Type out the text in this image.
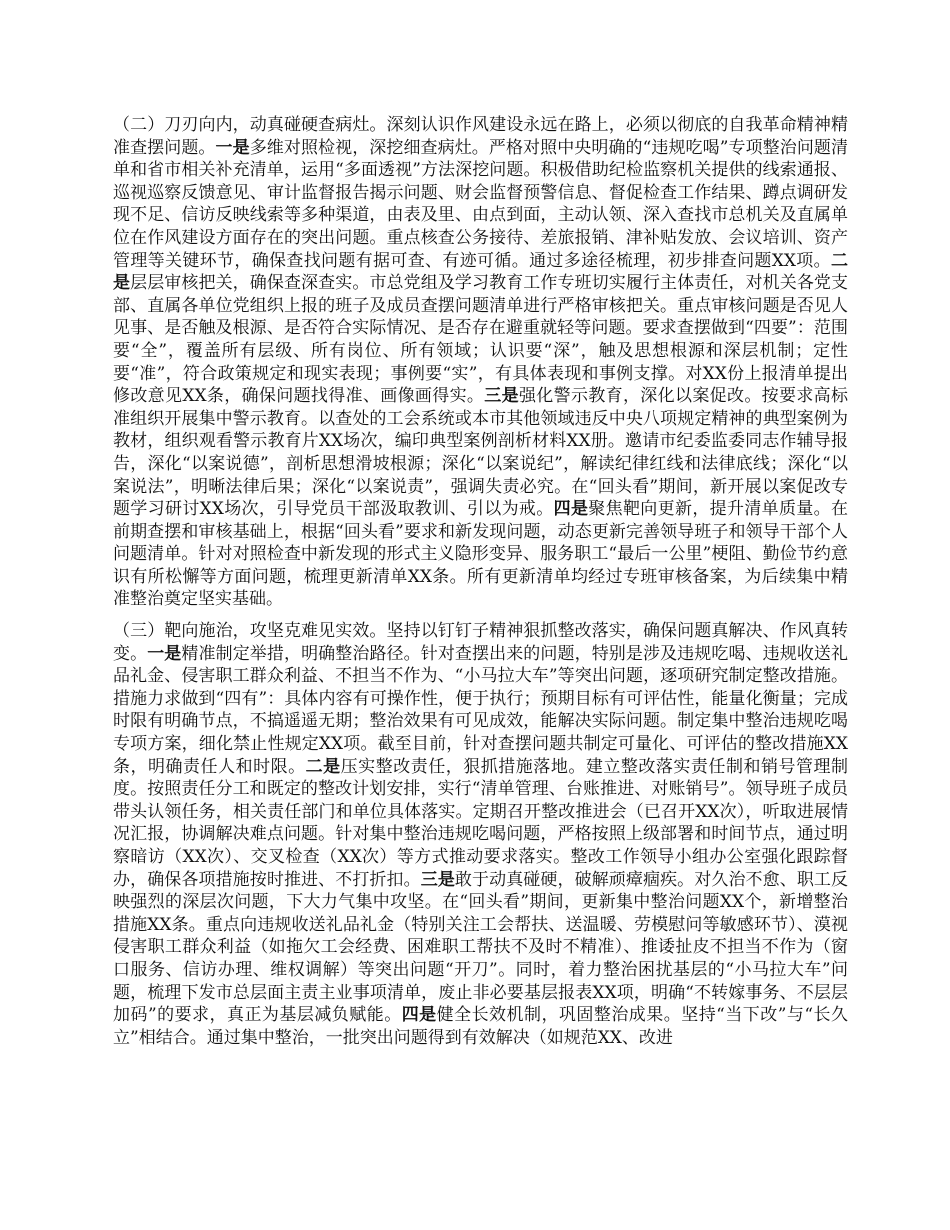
（二）刀刃向内，动真碰硬查病灶。深刻认识作风建设永远在路上，必须以彻底的自我革命精神精准查摆问题。一是多维对照检视，深挖细查病灶。严格对照中央明确的“违规吃喝”专项整治问题清单和省市相关补充清单，运用“多面透视”方法深挖问题。积极借助纪检监察机关提供的线索通报、巡视巡察反馈意见、审计监督报告揭示问题、财会监督预警信息、督促检查工作结果、蹲点调研发现不足、信访反映线索等多种渠道，由表及里、由点到面，主动认领、深入查找市总机关及直属单位在作风建设方面存在的突出问题。重点核查公务接待、差旅报销、津补贴发放、会议培训、资产管理等关键环节，确保查找问题有据可查、有迹可循。通过多途径梳理，初步排查问题XX项。二是层层审核把关，确保查深查实。市总党组及学习教育工作专班切实履行主体责任，对机关各党支部、直属各单位党组织上报的班子及成员查摆问题清单进行严格审核把关。重点审核问题是否见人见事、是否触及根源、是否符合实际情况、是否存在避重就轻等问题。要求查摆做到“四要”：范围要“全”，覆盖所有层级、所有岗位、所有领域；认识要“深”，触及思想根源和深层机制；定性要“准”，符合政策规定和现实表现；事例要“实”，有具体表现和事例支撑。对XX份上报清单提出修改意见XX条，确保问题找得准、画像画得实。三是强化警示教育，深化以案促改。按要求高标准组织开展集中警示教育。以查处的工会系统或本市其他领域违反中央八项规定精神的典型案例为教材，组织观看警示教育片XX场次，编印典型案例剖析材料XX册。邀请市纪委监委同志作辅导报告，深化“以案说德”，剖析思想滑坡根源；深化“以案说纪”，解读纪律红线和法律底线；深化“以案说法”，明晰法律后果；深化“以案说责”，强调失责必究。在“回头看”期间，新开展以案促改专题学习研讨XX场次，引导党员干部汲取教训、引以为戒。四是聚焦靶向更新，提升清单质量。在前期查摆和审核基础上，根据“回头看”要求和新发现问题，动态更新完善领导班子和领导干部个人问题清单。针对对照检查中新发现的形式主义隐形变异、服务职工“最后一公里”梗阻、勤俭节约意识有所松懈等方面问题，梳理更新清单XX条。所有更新清单均经过专班审核备案，为后续集中精准整治奠定坚实基础。

（三）靶向施治，攻坚克难见实效。坚持以钉钉子精神狠抓整改落实，确保问题真解决、作风真转变。一是精准制定举措，明确整治路径。针对查摆出来的问题，特别是涉及违规吃喝、违规收送礼品礼金、侵害职工群众利益、不担当不作为、“小马拉大车”等突出问题，逐项研究制定整改措施。措施力求做到“四有”：具体内容有可操作性，便于执行；预期目标有可评估性，能量化衡量；完成时限有明确节点，不搞遥遥无期；整治效果有可见成效，能解决实际问题。制定集中整治违规吃喝专项方案，细化禁止性规定XX项。截至目前，针对查摆问题共制定可量化、可评估的整改措施XX条，明确责任人和时限。二是压实整改责任，狠抓措施落地。建立整改落实责任制和销号管理制度。按照责任分工和既定的整改计划安排，实行“清单管理、台账推进、对账销号”。领导班子成员带头认领任务，相关责任部门和单位具体落实。定期召开整改推进会（已召开XX次），听取进展情况汇报，协调解决难点问题。针对集中整治违规吃喝问题，严格按照上级部署和时间节点，通过明察暗访（XX次）、交叉检查（XX次）等方式推动要求落实。整改工作领导小组办公室强化跟踪督办，确保各项措施按时推进、不打折扣。三是敢于动真碰硬，破解顽瘴痼疾。对久治不愈、职工反映强烈的深层次问题，下大力气集中攻坚。在“回头看”期间，更新集中整治问题XX个，新增整治措施XX条。重点向违规收送礼品礼金（特别关注工会帮扶、送温暖、劳模慰问等敏感环节）、漠视侵害职工群众利益（如拖欠工会经费、困难职工帮扶不及时不精准）、推诿扯皮不担当不作为（窗口服务、信访办理、维权调解）等突出问题“开刀”。同时，着力整治困扰基层的“小马拉大车”问题，梳理下发市总层面主责主业事项清单，废止非必要基层报表XX项，明确“不转嫁事务、不层层加码”的要求，真正为基层减负赋能。四是健全长效机制，巩固整治成果。坚持“当下改”与“长久立”相结合。通过集中整治，一批突出问题得到有效解决（如规范XX、改进
